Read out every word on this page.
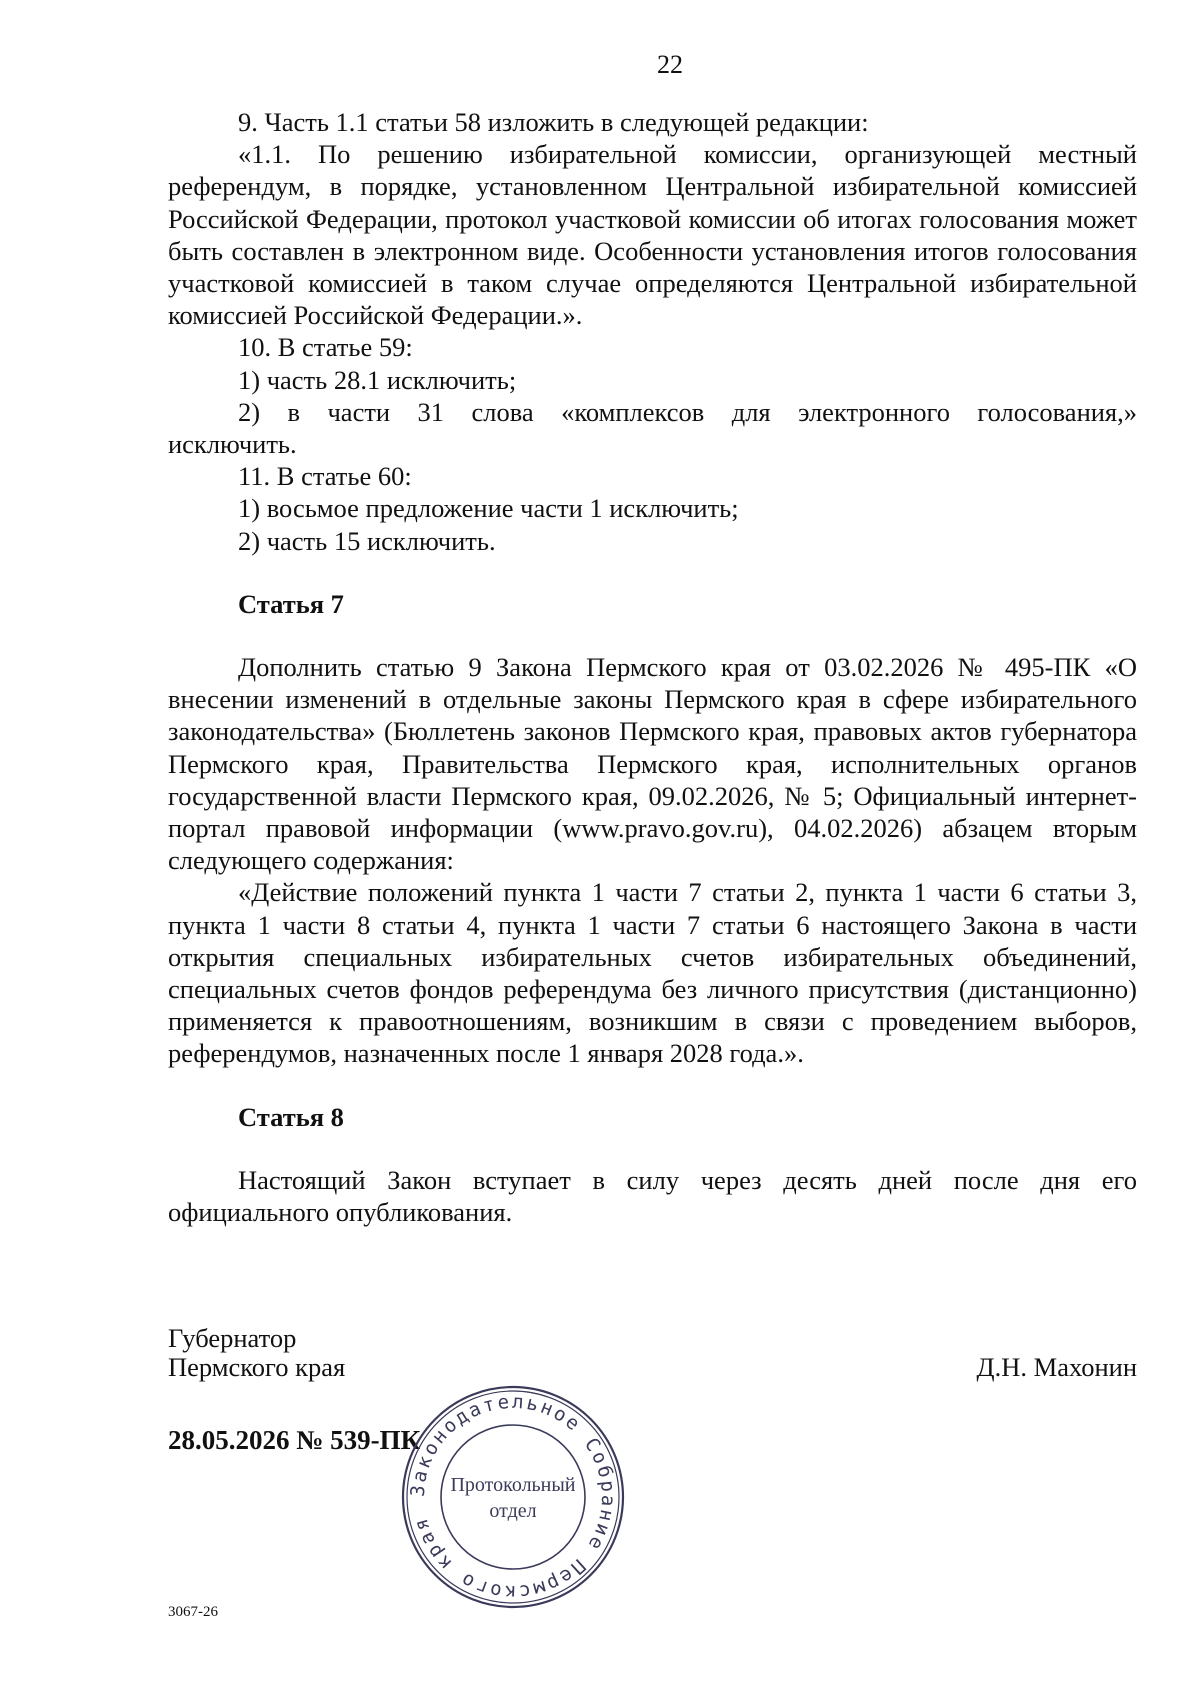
22

9. Часть 1.1 статьи 58 изложить в следующей редакции:

«1.1. По решению избирательной комиссии, организующей местный референдум, в порядке, установленном Центральной избирательной комиссией Российской Федерации, протокол участковой комиссии об итогах голосования может быть составлен в электронном виде. Особенности установления итогов голосования участковой комиссией в таком случае определяются Центральной избирательной комиссией Российской Федерации.».

10. В статье 59:

1) часть 28.1 исключить;

2) в части 31 слова «комплексов для электронного голосования,» исключить.

11. В статье 60:

1) восьмое предложение части 1 исключить;

2) часть 15 исключить.

Статья 7

Дополнить статью 9 Закона Пермского края от 03.02.2026 № 495-ПК «О внесении изменений в отдельные законы Пермского края в сфере избирательного законодательства» (Бюллетень законов Пермского края, правовых актов губернатора Пермского края, Правительства Пермского края, исполнительных органов государственной власти Пермского края, 09.02.2026, № 5; Официальный интернет-портал правовой информации (www.pravo.gov.ru), 04.02.2026) абзацем вторым следующего содержания:

«Действие положений пункта 1 части 7 статьи 2, пункта 1 части 6 статьи 3, пункта 1 части 8 статьи 4, пункта 1 части 7 статьи 6 настоящего Закона в части открытия специальных избирательных счетов избирательных объединений, специальных счетов фондов референдума без личного присутствия (дистанционно) применяется к правоотношениям, возникшим в связи с проведением выборов, референдумов, назначенных после 1 января 2028 года.».

Статья 8

Настоящий Закон вступает в силу через десять дней после дня его официального опубликования.

Губернатор
Пермского края	Д.Н. Махонин
28.05.2026 № 539-ПК
Законодательное Собрание Пермского края
Протокольный
отдел
3067-26
